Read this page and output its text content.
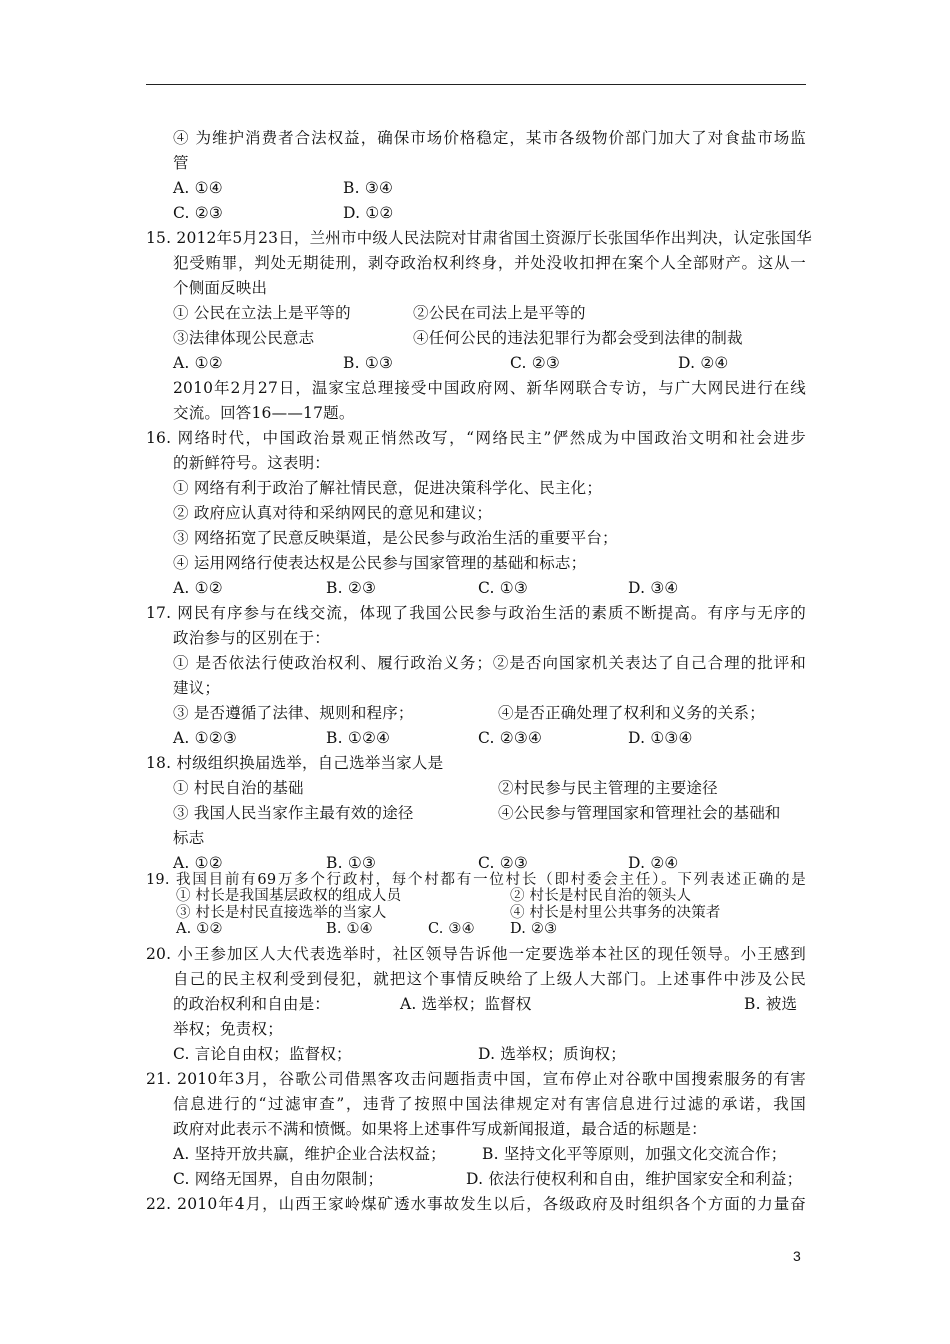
④ 为维护消费者合法权益，确保市场价格稳定，某市各级物价部门加大了对食盐市场监
管
A. ①④	B. ③④
C. ②③	D. ①②
15. 2012年5月23日，兰州市中级人民法院对甘肃省国土资源厅长张国华作出判决，认定张国华
犯受贿罪，判处无期徒刑，剥夺政治权利终身，并处没收扣押在案个人全部财产。这从一
个侧面反映出
① 公民在立法上是平等的	②公民在司法上是平等的
③法律体现公民意志	④任何公民的违法犯罪行为都会受到法律的制裁
A. ①②	B. ①③	C. ②③	D. ②④
2010年2月27日，温家宝总理接受中国政府网、新华网联合专访，与广大网民进行在线
交流。回答16——17题。
16. 网络时代，中国政治景观正悄然改写，“网络民主”俨然成为中国政治文明和社会进步
的新鲜符号。这表明：
① 网络有利于政治了解社情民意，促进决策科学化、民主化；
② 政府应认真对待和采纳网民的意见和建议；
③ 网络拓宽了民意反映渠道，是公民参与政治生活的重要平台；
④ 运用网络行使表达权是公民参与国家管理的基础和标志；
A. ①②	B. ②③	C. ①③	D. ③④
17. 网民有序参与在线交流，体现了我国公民参与政治生活的素质不断提高。有序与无序的
政治参与的区别在于：
① 是否依法行使政治权利、履行政治义务；②是否向国家机关表达了自己合理的批评和
建议；
③ 是否遵循了法律、规则和程序；	④是否正确处理了权利和义务的关系；
A. ①②③	B. ①②④	C. ②③④	D. ①③④
18. 村级组织换届选举，自己选举当家人是
① 村民自治的基础	②村民参与民主管理的主要途径
③ 我国人民当家作主最有效的途径	④公民参与管理国家和管理社会的基础和
标志
A. ①②	B. ①③	C. ②③	D. ②④
19. 我国目前有69万多个行政村，每个村都有一位村长（即村委会主任）。下列表述正确的是
① 村长是我国基层政权的组成人员	② 村长是村民自治的领头人
③ 村长是村民直接选举的当家人	④ 村长是村里公共事务的决策者
A. ①②	B. ①④	C. ③④ D. ②③
20. 小王参加区人大代表选举时，社区领导告诉他一定要选举本社区的现任领导。小王感到
自己的民主权利受到侵犯，就把这个事情反映给了上级人大部门。上述事件中涉及公民
的政治权利和自由是：	A. 选举权；监督权	B. 被选
举权；免责权；
C. 言论自由权；监督权；	D. 选举权；质询权；
21. 2010年3月，谷歌公司借黑客攻击问题指责中国，宣布停止对谷歌中国搜索服务的有害
信息进行的“过滤审查”，违背了按照中国法律规定对有害信息进行过滤的承诺，我国
政府对此表示不满和愤慨。如果将上述事件写成新闻报道，最合适的标题是：
A. 坚持开放共赢，维护企业合法权益； B. 坚持文化平等原则，加强文化交流合作；
C. 网络无国界，自由勿限制；	D. 依法行使权利和自由，维护国家安全和利益；
22. 2010年4月，山西王家岭煤矿透水事故发生以后，各级政府及时组织各个方面的力量奋
3
